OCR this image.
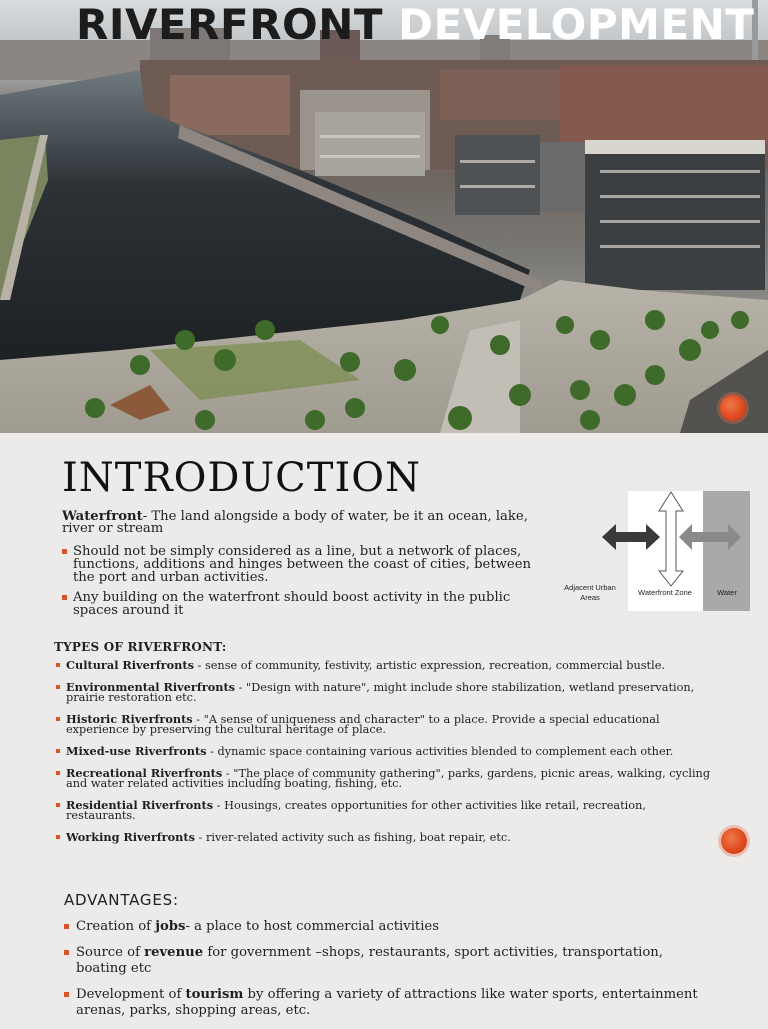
RIVERFRONT DEVELOPMENT
INTRODUCTION
Waterfront- The land alongside a body of water, be it an ocean, lake, river or stream
Should not be simply considered as a line, but a network of places, functions, additions and hinges between the coast of cities, between the port and urban activities.
Any building on the waterfront should boost activity in the public spaces around it
Adjacent Urban Areas
Waterfront Zone	Water
TYPES OF RIVERFRONT:
Cultural Riverfronts - sense of community, festivity, artistic expression, recreation, commercial bustle.
Environmental Riverfronts - "Design with nature", might include shore stabilization, wetland preservation, prairie restoration etc.
Historic Riverfronts - "A sense of uniqueness and character" to a place. Provide a special educational experience by preserving the cultural heritage of place.
Mixed-use Riverfronts - dynamic space containing various activities blended to complement each other.
Recreational Riverfronts - "The place of community gathering", parks, gardens, picnic areas, walking, cycling and water related activities including boating, fishing, etc.
Residential Riverfronts - Housings, creates opportunities for other activities like retail, recreation, restaurants.
Working Riverfronts - river-related activity such as fishing, boat repair, etc.
ADVANTAGES:
Creation of jobs- a place to host commercial activities
Source of revenue for government –shops, restaurants, sport activities, transportation, boating etc
Development of tourism by offering a variety of attractions like water sports, entertainment arenas, parks, shopping areas, etc.
